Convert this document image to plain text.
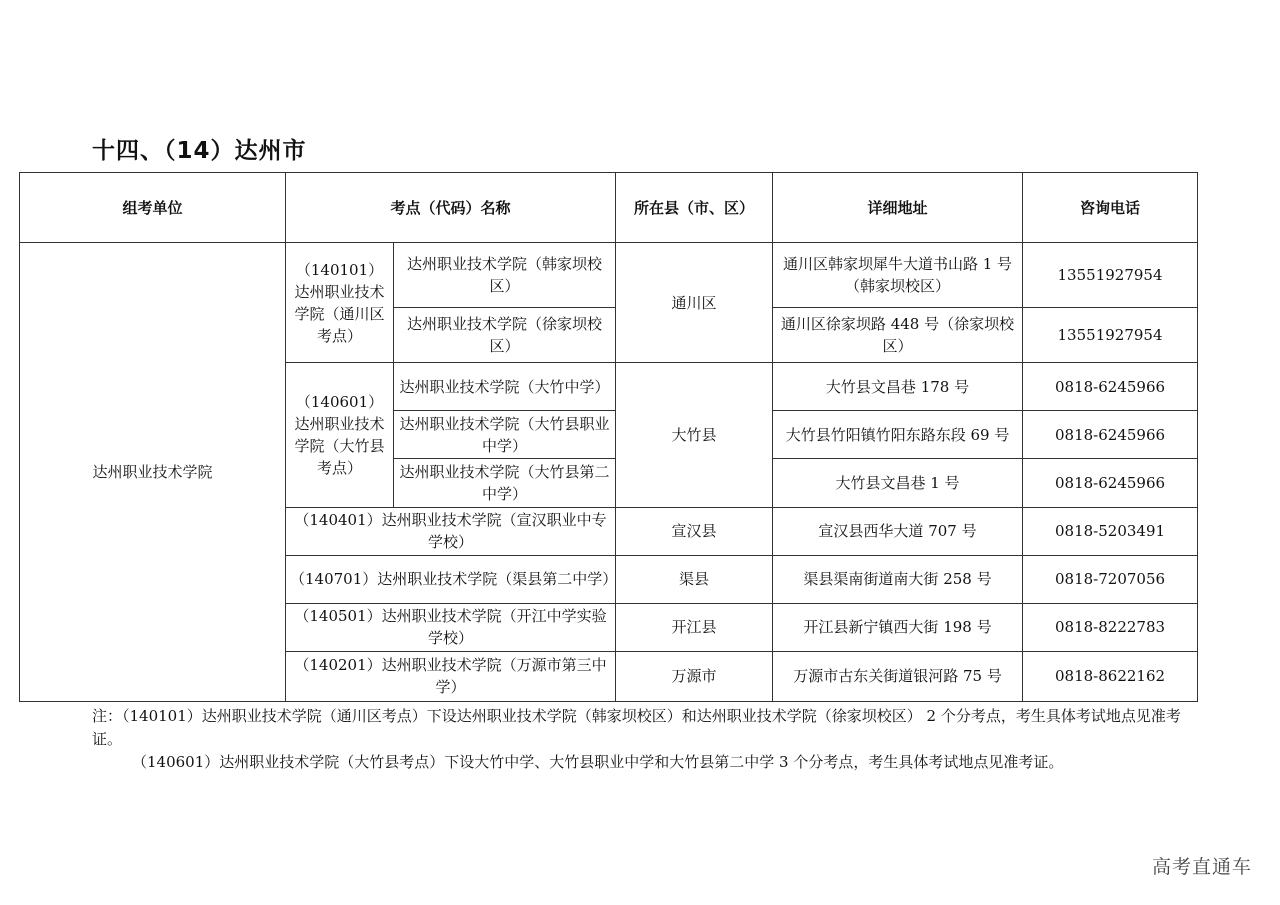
十四、（14）达州市
组考单位	考点（代码）名称		所在县（市、区）	详细地址	咨询电话
达州职业技术学院	（140101）达州职业技术学院（通川区考点）	达州职业技术学院（韩家坝校区）	通川区	通川区韩家坝犀牛大道书山路 1 号（韩家坝校区）	13551927954
		达州职业技术学院（徐家坝校区）		通川区徐家坝路 448 号（徐家坝校区）	13551927954
	（140601）达州职业技术学院（大竹县考点）	达州职业技术学院（大竹中学）	大竹县	大竹县文昌巷 178 号	0818-6245966
		达州职业技术学院（大竹县职业中学）		大竹县竹阳镇竹阳东路东段 69 号	0818-6245966
		达州职业技术学院（大竹县第二中学）		大竹县文昌巷 1 号	0818-6245966
	（140401）达州职业技术学院（宣汉职业中专学校）		宣汉县	宣汉县西华大道 707 号	0818-5203491
	（140701）达州职业技术学院（渠县第二中学）		渠县	渠县渠南街道南大街 258 号	0818-7207056
	（140501）达州职业技术学院（开江中学实验学校）		开江县	开江县新宁镇西大街 198 号	0818-8222783
	（140201）达州职业技术学院（万源市第三中学）		万源市	万源市古东关街道银河路 75 号	0818-8622162

注：（140101）达州职业技术学院（通川区考点）下设达州职业技术学院（韩家坝校区）和达州职业技术学院（徐家坝校区） 2 个分考点，考生具体考试地点见准考证。

（140601）达州职业技术学院（大竹县考点）下设大竹中学、大竹县职业中学和大竹县第二中学 3 个分考点，考生具体考试地点见准考证。

高考直通车
